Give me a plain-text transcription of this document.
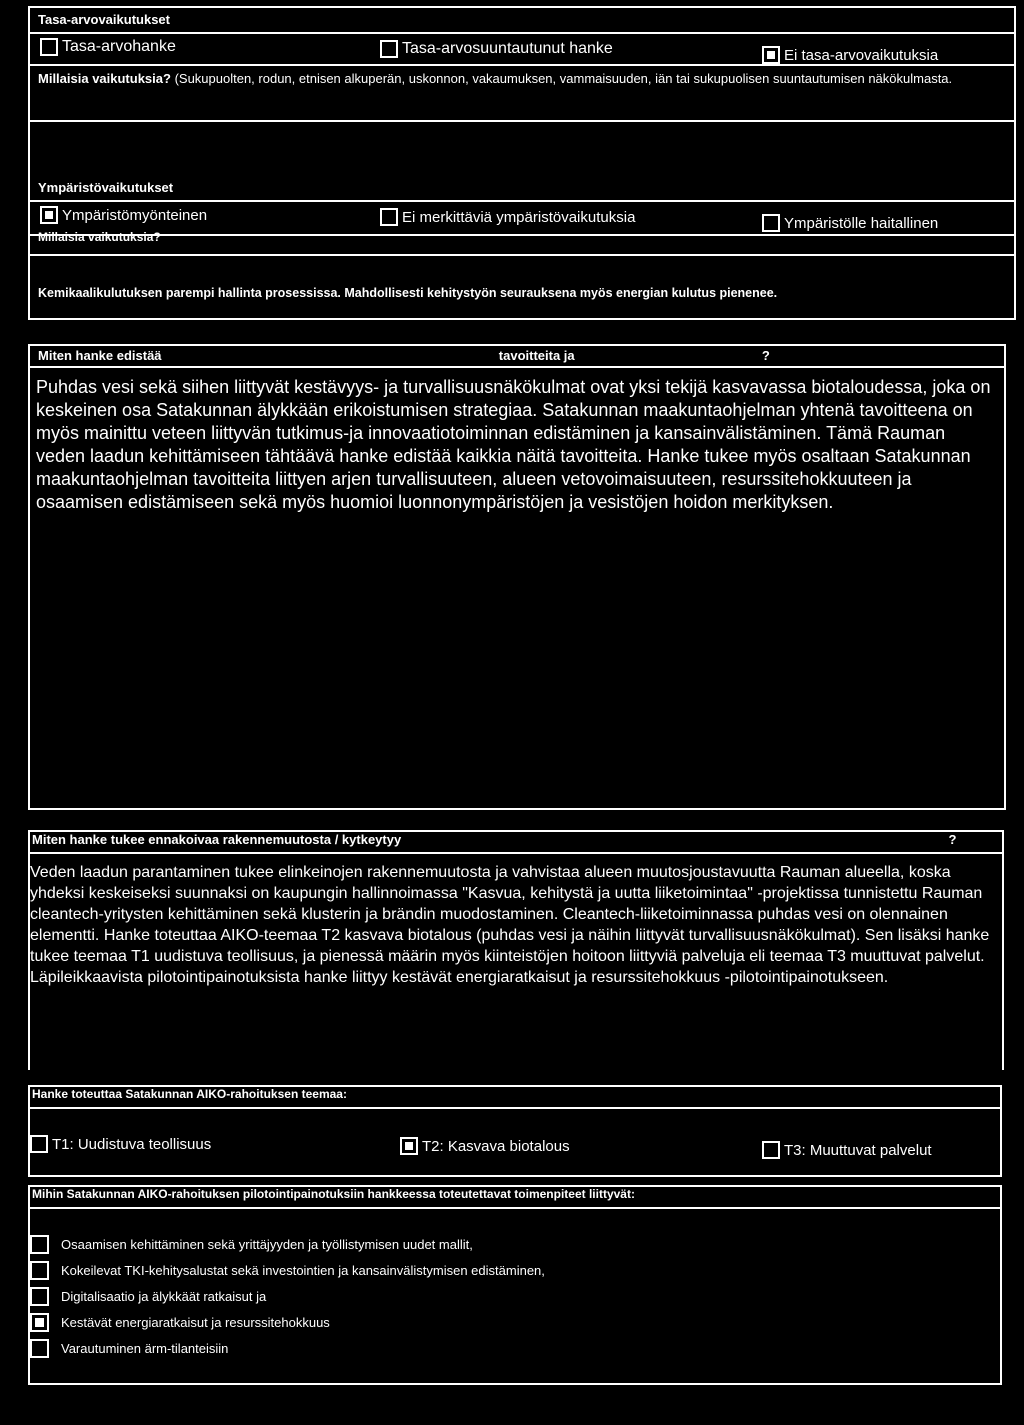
Tasa-arvovaikutukset
Tasa-arvohanke	Tasa-arvosuuntautunut hanke	Ei tasa-arvovaikutuksia
Millaisia vaikutuksia? (Sukupuolten, rodun, etnisen alkuperän, uskonnon, vakaumuksen, vammaisuuden, iän tai sukupuolisen suuntautumisen näkökulmasta.
Ympäristövaikutukset
Ympäristömyönteinen	Ei merkittäviä ympäristövaikutuksia	Ympäristölle haitallinen
Millaisia vaikutuksia?
Kemikaalikulutuksen parempi hallinta prosessissa. Mahdollisesti kehitystyön seurauksena myös energian kulutus pienenee.
Miten hanke edistää	tavoitteita ja	?
Puhdas vesi sekä siihen liittyvät kestävyys- ja turvallisuusnäkökulmat ovat yksi tekijä kasvavassa biotaloudessa, joka on keskeinen osa Satakunnan älykkään erikoistumisen strategiaa. Satakunnan maakuntaohjelman yhtenä tavoitteena on myös mainittu veteen liittyvän tutkimus-ja innovaatiotoiminnan edistäminen ja kansainvälistäminen. Tämä Rauman veden laadun kehittämiseen tähtäävä hanke edistää kaikkia näitä tavoitteita. Hanke tukee myös osaltaan Satakunnan maakuntaohjelman tavoitteita liittyen arjen turvallisuuteen, alueen vetovoimaisuuteen, resurssitehokkuuteen ja osaamisen edistämiseen sekä myös huomioi luonnonympäristöjen ja vesistöjen hoidon merkityksen.
Miten hanke tukee ennakoivaa rakennemuutosta / kytkeytyy	?
Veden laadun parantaminen tukee elinkeinojen rakennemuutosta ja vahvistaa alueen muutosjoustavuutta Rauman alueella, koska yhdeksi keskeiseksi suunnaksi on kaupungin hallinnoimassa "Kasvua, kehitystä ja uutta liiketoimintaa" -projektissa tunnistettu Rauman cleantech-yritysten kehittäminen sekä klusterin ja brändin muodostaminen. Cleantech-liiketoiminnassa puhdas vesi on olennainen elementti. Hanke toteuttaa AIKO-teemaa T2 kasvava biotalous (puhdas vesi ja näihin liittyvät turvallisuusnäkökulmat). Sen lisäksi hanke tukee teemaa T1 uudistuva teollisuus, ja pienessä määrin myös kiinteistöjen hoitoon liittyviä palveluja eli teemaa T3 muuttuvat palvelut. Läpileikkaavista pilotointipainotuksista hanke liittyy kestävät energiaratkaisut ja resurssitehokkuus -pilotointipainotukseen.
Hanke toteuttaa Satakunnan AIKO-rahoituksen teemaa:
T1: Uudistuva teollisuus	T2: Kasvava biotalous	T3: Muuttuvat palvelut
Mihin Satakunnan AIKO-rahoituksen pilotointipainotuksiin hankkeessa toteutettavat toimenpiteet liittyvät:
Osaamisen kehittäminen sekä yrittäjyyden ja työllistymisen uudet mallit,
Kokeilevat TKI-kehitysalustat sekä investointien ja kansainvälistymisen edistäminen,
Digitalisaatio ja älykkäät ratkaisut ja
Kestävät energiaratkaisut ja resurssitehokkuus
Varautuminen ärm-tilanteisiin
